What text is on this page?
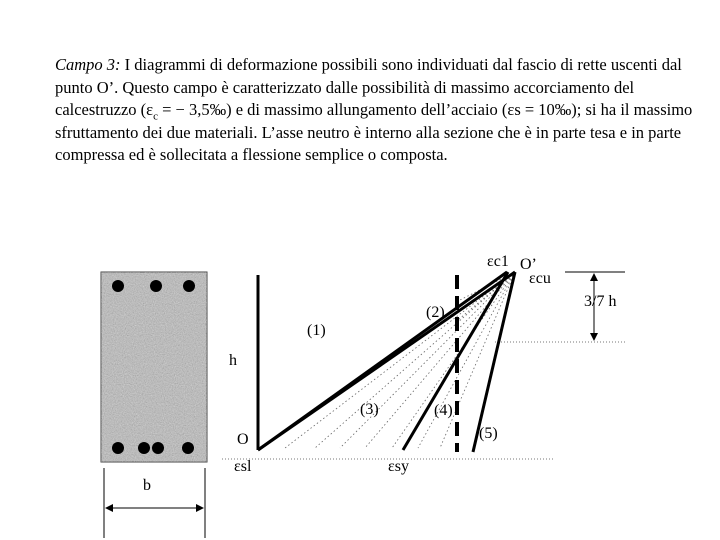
Campo 3: I diagrammi di deformazione possibili sono individuati dal fascio di rette uscenti dal punto O’. Questo campo è caratterizzato dalle possibilità di massimo accorciamento del calcestruzzo ($\varepsilon_c$ = − 3,5‰) e di massimo allungamento dell’acciaio (εs = 10‰); si ha il massimo sfruttamento dei due materiali. L’asse neutro è interno alla sezione che è in parte tesa e in parte compressa ed è sollecitata a flessione semplice o composta.

b
εc1 O’
εcu
3/7 h
(2)
(1)
h
(3)	(4)
(5)
O
εsl	εsy
